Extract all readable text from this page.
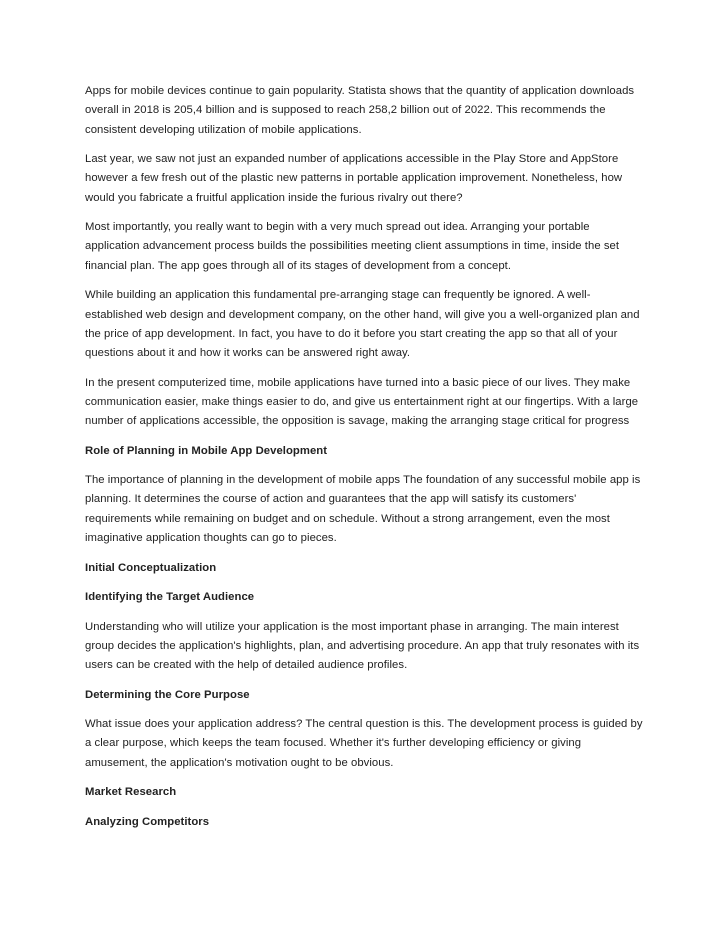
Apps for mobile devices continue to gain popularity. Statista shows that the quantity of application downloads overall in 2018 is 205,4 billion and is supposed to reach 258,2 billion out of 2022. This recommends the consistent developing utilization of mobile applications.

Last year, we saw not just an expanded number of applications accessible in the Play Store and AppStore however a few fresh out of the plastic new patterns in portable application improvement. Nonetheless, how would you fabricate a fruitful application inside the furious rivalry out there?

Most importantly, you really want to begin with a very much spread out idea. Arranging your portable application advancement process builds the possibilities meeting client assumptions in time, inside the set financial plan. The app goes through all of its stages of development from a concept.

While building an application this fundamental pre-arranging stage can frequently be ignored. A well-established web design and development company, on the other hand, will give you a well-organized plan and the price of app development. In fact, you have to do it before you start creating the app so that all of your questions about it and how it works can be answered right away.

In the present computerized time, mobile applications have turned into a basic piece of our lives. They make communication easier, make things easier to do, and give us entertainment right at our fingertips. With a large number of applications accessible, the opposition is savage, making the arranging stage critical for progress

Role of Planning in Mobile App Development

The importance of planning in the development of mobile apps The foundation of any successful mobile app is planning. It determines the course of action and guarantees that the app will satisfy its customers' requirements while remaining on budget and on schedule. Without a strong arrangement, even the most imaginative application thoughts can go to pieces.

Initial Conceptualization

Identifying the Target Audience

Understanding who will utilize your application is the most important phase in arranging. The main interest group decides the application's highlights, plan, and advertising procedure. An app that truly resonates with its users can be created with the help of detailed audience profiles.

Determining the Core Purpose

What issue does your application address? The central question is this. The development process is guided by a clear purpose, which keeps the team focused. Whether it's further developing efficiency or giving amusement, the application's motivation ought to be obvious.

Market Research

Analyzing Competitors
